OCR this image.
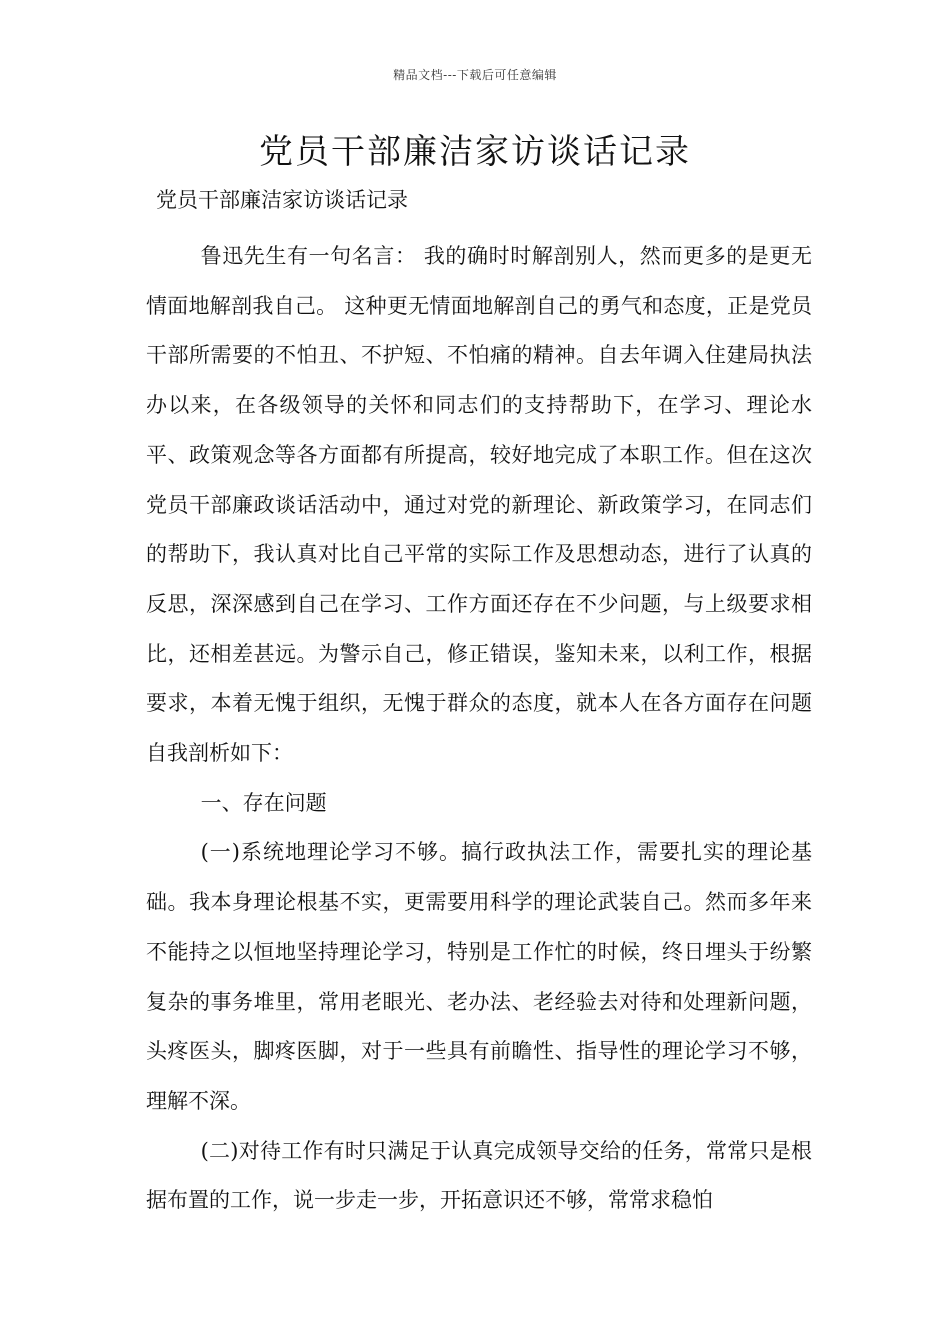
精品文档---下载后可任意编辑
党员干部廉洁家访谈话记录
党员干部廉洁家访谈话记录

鲁迅先生有一句名言： 我的确时时解剖别人，然而更多的是更无情面地解剖我自己。 这种更无情面地解剖自己的勇气和态度，正是党员干部所需要的不怕丑、不护短、不怕痛的精神。自去年调入住建局执法办以来，在各级领导的关怀和同志们的支持帮助下，在学习、理论水平、政策观念等各方面都有所提高，较好地完成了本职工作。但在这次党员干部廉政谈话活动中，通过对党的新理论、新政策学习，在同志们的帮助下，我认真对比自己平常的实际工作及思想动态，进行了认真的反思，深深感到自己在学习、工作方面还存在不少问题，与上级要求相比，还相差甚远。为警示自己，修正错误，鉴知未来，以利工作，根据要求，本着无愧于组织，无愧于群众的态度，就本人在各方面存在问题自我剖析如下：

一、存在问题

(一)系统地理论学习不够。搞行政执法工作，需要扎实的理论基础。我本身理论根基不实，更需要用科学的理论武装自己。然而多年来不能持之以恒地坚持理论学习，特别是工作忙的时候，终日埋头于纷繁复杂的事务堆里，常用老眼光、老办法、老经验去对待和处理新问题，头疼医头，脚疼医脚，对于一些具有前瞻性、指导性的理论学习不够，理解不深。

(二)对待工作有时只满足于认真完成领导交给的任务，常常只是根据布置的工作，说一步走一步，开拓意识还不够，常常求稳怕
